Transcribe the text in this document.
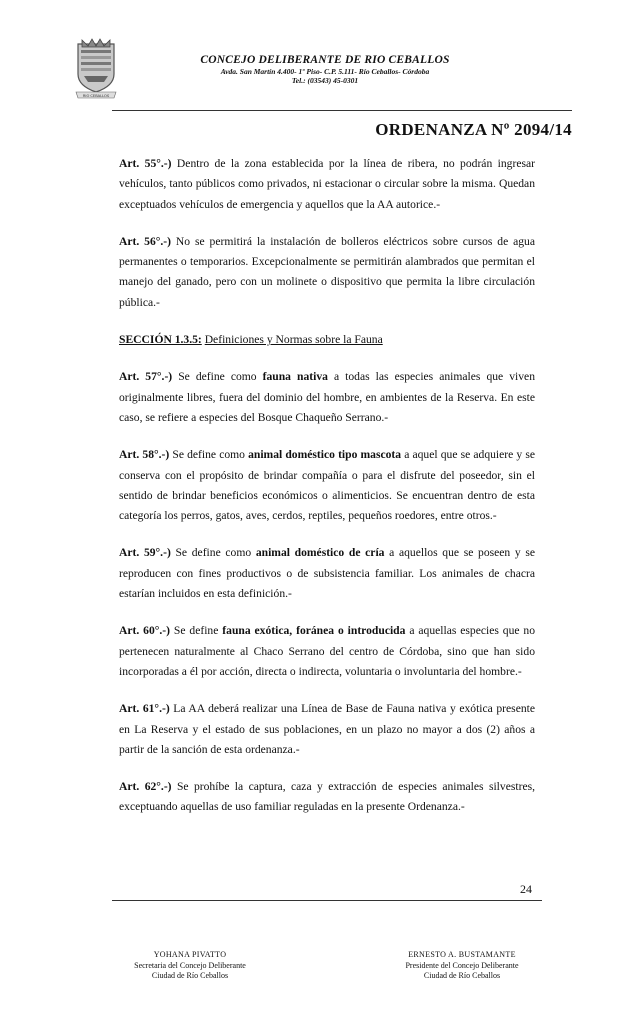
RIO CEBALLOS
CONCEJO DELIBERANTE DE RIO CEBALLOS
Avda. San Martín 4.400- 1º Piso- C.P. 5.111- Río Ceballos- Córdoba
Tel.: (03543) 45-0301
ORDENANZA Nº 2094/14

Art. 55°.-) Dentro de la zona establecida por la línea de ribera, no podrán ingresar vehículos, tanto públicos como privados, ni estacionar o circular sobre la misma. Quedan exceptuados vehículos de emergencia y aquellos que la AA autorice.-

Art. 56°.-) No se permitirá la instalación de bolleros eléctricos sobre cursos de agua permanentes o temporarios. Excepcionalmente se permitirán alambrados que permitan el manejo del ganado, pero con un molinete o dispositivo que permita la libre circulación pública.-

SECCIÓN 1.3.5: Definiciones y Normas sobre la Fauna

Art. 57°.-) Se define como fauna nativa a todas las especies animales que viven originalmente libres, fuera del dominio del hombre, en ambientes de la Reserva. En este caso, se refiere a especies del Bosque Chaqueño Serrano.-

Art. 58°.-) Se define como animal doméstico tipo mascota a aquel que se adquiere y se conserva con el propósito de brindar compañía o para el disfrute del poseedor, sin el sentido de brindar beneficios económicos o alimenticios. Se encuentran dentro de esta categoría los perros, gatos, aves, cerdos, reptiles, pequeños roedores, entre otros.-

Art. 59°.-) Se define como animal doméstico de cría a aquellos que se poseen y se reproducen con fines productivos o de subsistencia familiar. Los animales de chacra estarían incluidos en esta definición.-

Art. 60°.-) Se define fauna exótica, foránea o introducida a aquellas especies que no pertenecen naturalmente al Chaco Serrano del centro de Córdoba, sino que han sido incorporadas a él por acción, directa o indirecta, voluntaria o involuntaria del hombre.-

Art. 61°.-) La AA deberá realizar una Línea de Base de Fauna nativa y exótica presente en La Reserva y el estado de sus poblaciones, en un plazo no mayor a dos (2) años a partir de la sanción de esta ordenanza.-

Art. 62°.-) Se prohíbe la captura, caza y extracción de especies animales silvestres, exceptuando aquellas de uso familiar reguladas en la presente Ordenanza.-

24
YOHANA PIVATTO
Secretaria del Concejo Deliberante
Ciudad de Río Ceballos
ERNESTO A. BUSTAMANTE
Presidente del Concejo Deliberante
Ciudad de Río Ceballos
